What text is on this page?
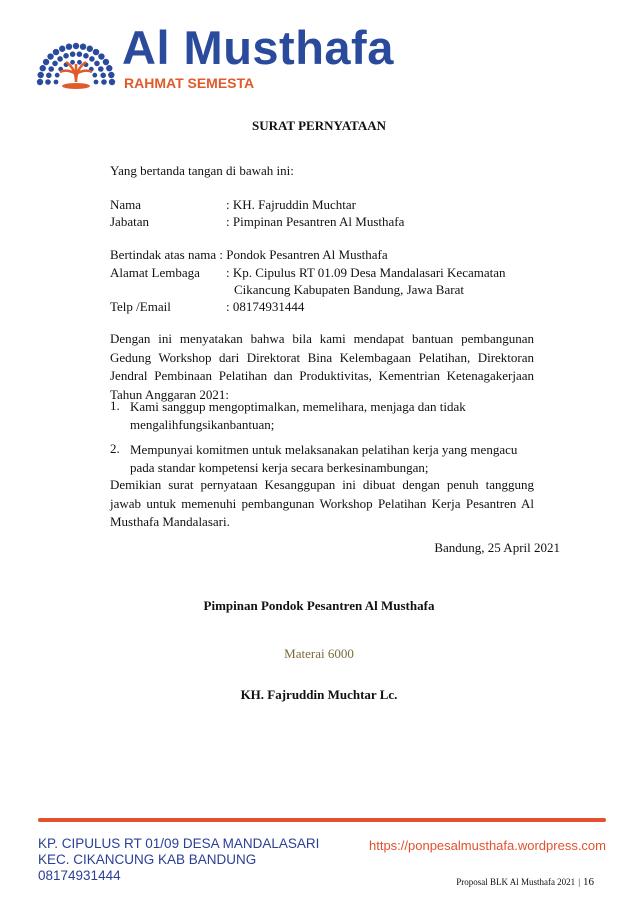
Al Musthafa
RAHMAT SEMESTA
SURAT PERNYATAAN
Yang bertanda tangan di bawah ini:
Nama	: KH. Fajruddin Muchtar
Jabatan	: Pimpinan Pesantren Al Musthafa
Bertindak atas nama : Pondok Pesantren Al Musthafa
Alamat Lembaga : Kp. Cipulus RT 01.09 Desa Mandalasari Kecamatan
Cikancung Kabupaten Bandung, Jawa Barat
Telp /Email	: 08174931444
Dengan ini menyatakan bahwa bila kami mendapat bantuan pembangunan Gedung Workshop dari Direktorat Bina Kelembagaan Pelatihan, Direktoran Jendral Pembinaan Pelatihan dan Produktivitas, Kementrian Ketenagakerjaan Tahun Anggaran 2021:
1. Kami sanggup mengoptimalkan, memelihara, menjaga dan tidak
mengalihfungsikanbantuan;
2. Mempunyai komitmen untuk melaksanakan pelatihan kerja yang mengacu
pada standar kompetensi kerja secara berkesinambungan;
Demikian surat pernyataan Kesanggupan ini dibuat dengan penuh tanggung jawab untuk memenuhi pembangunan Workshop Pelatihan Kerja Pesantren Al Musthafa Mandalasari.
Bandung, 25 April 2021
Pimpinan Pondok Pesantren Al Musthafa
Materai 6000
KH. Fajruddin Muchtar Lc.
KP. CIPULUS RT 01/09 DESA MANDALASARI
KEC. CIKANCUNG KAB BANDUNG
08174931444
https://ponpesalmusthafa.wordpress.com
Proposal BLK Al Musthafa 2021 | 16
